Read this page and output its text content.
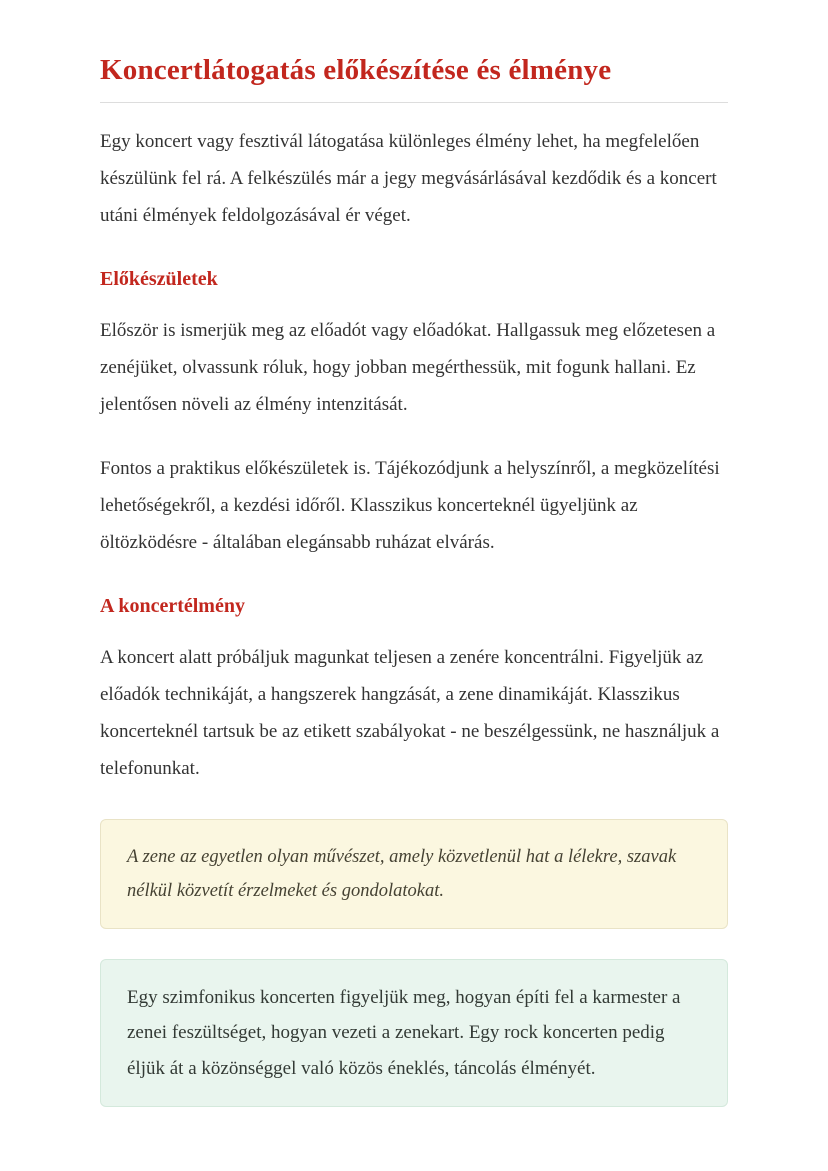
Koncertlátogatás előkészítése és élménye

Egy koncert vagy fesztivál látogatása különleges élmény lehet, ha megfelelően készülünk fel rá. A felkészülés már a jegy megvásárlásával kezdődik és a koncert utáni élmények feldolgozásával ér véget.

Előkészületek

Először is ismerjük meg az előadót vagy előadókat. Hallgassuk meg előzetesen a zenéjüket, olvassunk róluk, hogy jobban megérthessük, mit fogunk hallani. Ez jelentősen növeli az élmény intenzitását.

Fontos a praktikus előkészületek is. Tájékozódjunk a helyszínről, a megközelítési lehetőségekről, a kezdési időről. Klasszikus koncerteknél ügyeljünk az öltözködésre - általában elegánsabb ruházat elvárás.

A koncertélmény

A koncert alatt próbáljuk magunkat teljesen a zenére koncentrálni. Figyeljük az előadók technikáját, a hangszerek hangzását, a zene dinamikáját. Klasszikus koncerteknél tartsuk be az etikett szabályokat - ne beszélgessünk, ne használjuk a telefonunkat.

A zene az egyetlen olyan művészet, amely közvetlenül hat a lélekre, szavak nélkül közvetít érzelmeket és gondolatokat.

Egy szimfonikus koncerten figyeljük meg, hogyan építi fel a karmester a zenei feszültséget, hogyan vezeti a zenekart. Egy rock koncerten pedig éljük át a közönséggel való közös éneklés, táncolás élményét.
